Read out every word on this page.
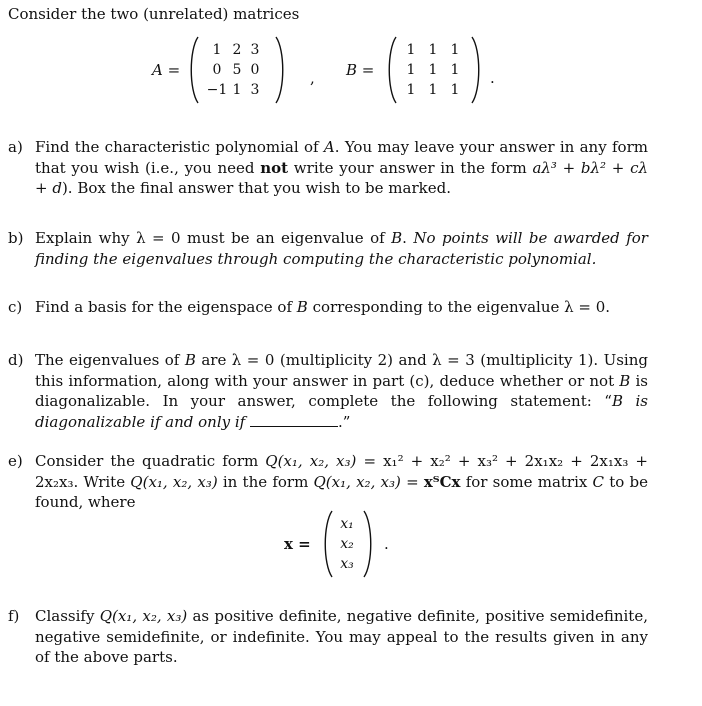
Consider the two (unrelated) matrices
A =
1 2 3
0 5 0
−1 1 3
, B =
1 1 1
1 1 1
1 1 1
.
a) Find the characteristic polynomial of A. You may leave your answer in any form that you wish (i.e., you need not write your answer in the form aλ³ + bλ² + cλ + d). Box the final answer that you wish to be marked.
b) Explain why λ = 0 must be an eigenvalue of B. No points will be awarded for finding the eigenvalues through computing the characteristic polynomial.
c) Find a basis for the eigenspace of B corresponding to the eigenvalue λ = 0.
d) The eigenvalues of B are λ = 0 (multiplicity 2) and λ = 3 (multiplicity 1). Using this information, along with your answer in part (c), deduce whether or not B is diagonalizable. In your answer, complete the following statement: “B is diagonalizable if and only if	.”
e) Consider the quadratic form Q(x₁, x₂, x₃) = x₁² + x₂² + x₃² + 2x₁x₂ + 2x₁x₃ + 2x₂x₃. Write Q(x₁, x₂, x₃) in the form Q(x₁, x₂, x₃) = xᵀCx for some matrix C to be found, where
x =
x₁
x₂
x₃
.
f) Classify Q(x₁, x₂, x₃) as positive definite, negative definite, positive semidefinite, negative semidefinite, or indefinite. You may appeal to the results given in any of the above parts.
